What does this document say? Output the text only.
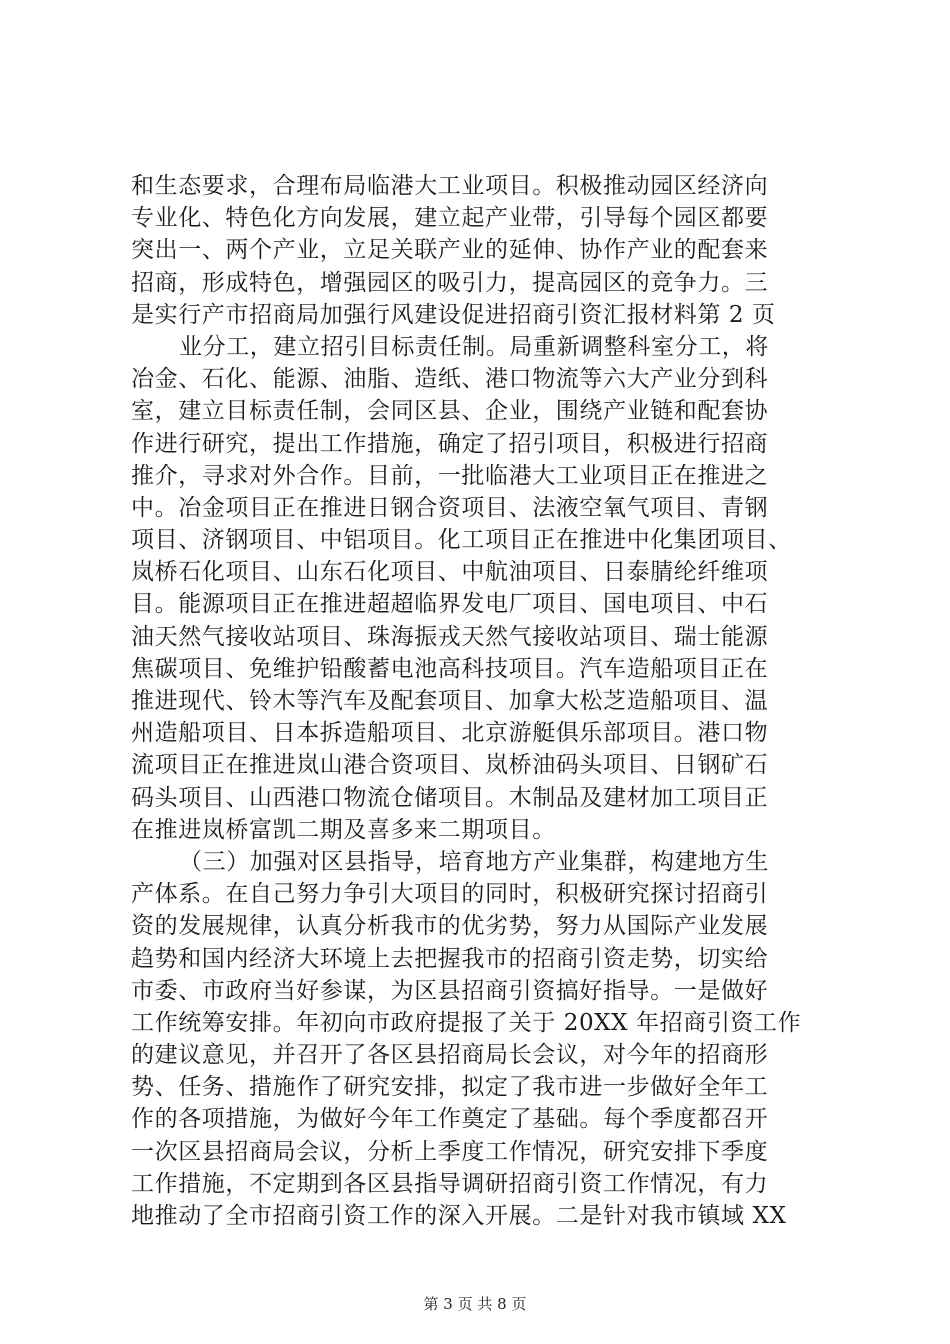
和生态要求，合理布局临港大工业项目。积极推动园区经济向
专业化、特色化方向发展，建立起产业带，引导每个园区都要
突出一、两个产业，立足关联产业的延伸、协作产业的配套来
招商，形成特色，增强园区的吸引力，提高园区的竞争力。三
是实行产市招商局加强行风建设促进招商引资汇报材料第 2 页
业分工，建立招引目标责任制。局重新调整科室分工，将
冶金、石化、能源、油脂、造纸、港口物流等六大产业分到科
室，建立目标责任制，会同区县、企业，围绕产业链和配套协
作进行研究，提出工作措施，确定了招引项目，积极进行招商
推介，寻求对外合作。目前，一批临港大工业项目正在推进之
中。冶金项目正在推进日钢合资项目、法液空氧气项目、青钢
项目、济钢项目、中铝项目。化工项目正在推进中化集团项目、
岚桥石化项目、山东石化项目、中航油项目、日泰腈纶纤维项
目。能源项目正在推进超超临界发电厂项目、国电项目、中石
油天然气接收站项目、珠海振戎天然气接收站项目、瑞士能源
焦碳项目、免维护铅酸蓄电池高科技项目。汽车造船项目正在
推进现代、铃木等汽车及配套项目、加拿大松芝造船项目、温
州造船项目、日本拆造船项目、北京游艇俱乐部项目。港口物
流项目正在推进岚山港合资项目、岚桥油码头项目、日钢矿石
码头项目、山西港口物流仓储项目。木制品及建材加工项目正
在推进岚桥富凯二期及喜多来二期项目。
（三）加强对区县指导，培育地方产业集群，构建地方生
产体系。在自己努力争引大项目的同时，积极研究探讨招商引
资的发展规律，认真分析我市的优劣势，努力从国际产业发展
趋势和国内经济大环境上去把握我市的招商引资走势，切实给
市委、市政府当好参谋，为区县招商引资搞好指导。一是做好
工作统筹安排。年初向市政府提报了关于 20XX 年招商引资工作
的建议意见，并召开了各区县招商局长会议，对今年的招商形
势、任务、措施作了研究安排，拟定了我市进一步做好全年工
作的各项措施，为做好今年工作奠定了基础。每个季度都召开
一次区县招商局会议，分析上季度工作情况，研究安排下季度
工作措施，不定期到各区县指导调研招商引资工作情况，有力
地推动了全市招商引资工作的深入开展。二是针对我市镇域 XX
第 3 页 共 8 页
